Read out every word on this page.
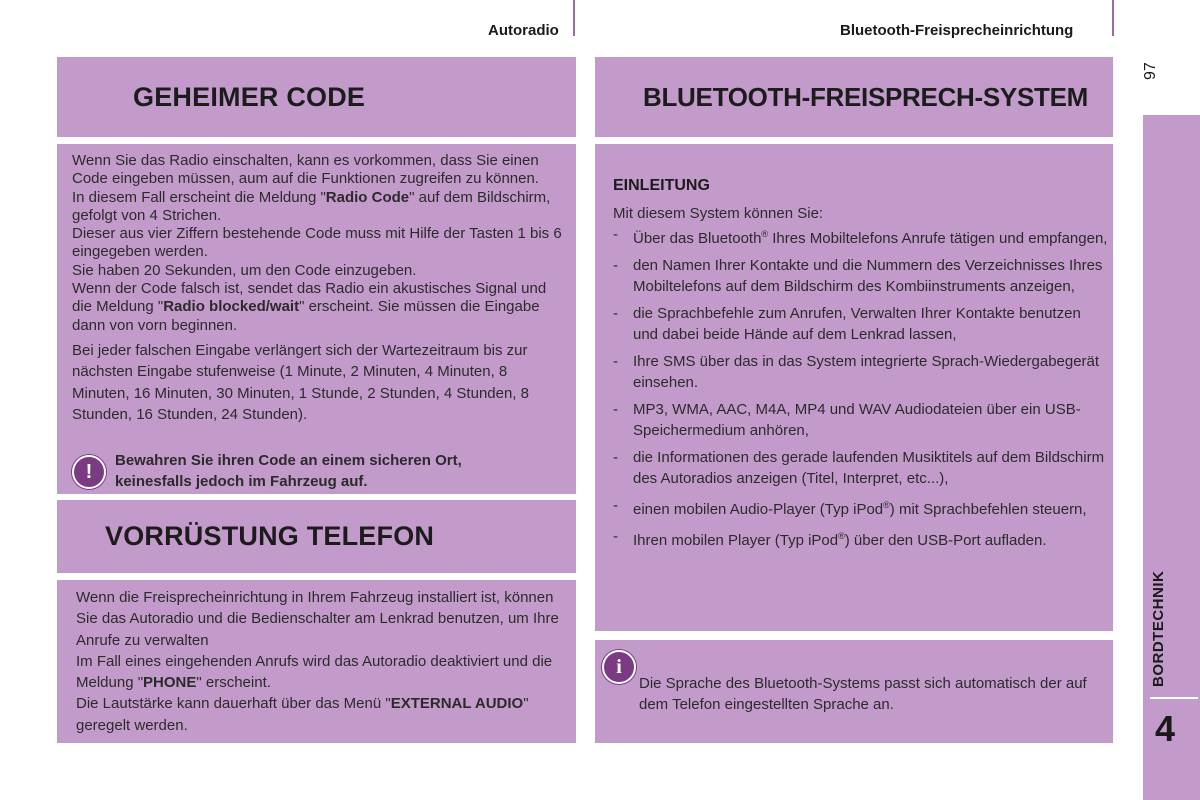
Autoradio	Bluetooth-Freisprecheinrichtung
97
GEHEIMER CODE

Wenn Sie das Radio einschalten, kann es vorkommen, dass Sie einen Code eingeben müssen, aum auf die Funktionen zugreifen zu können.

In diesem Fall erscheint die Meldung "Radio Code" auf dem Bildschirm, gefolgt von 4 Strichen.

Dieser aus vier Ziffern bestehende Code muss mit Hilfe der Tasten 1 bis 6 eingegeben werden.

Sie haben 20 Sekunden, um den Code einzugeben.

Wenn der Code falsch ist, sendet das Radio ein akustisches Signal und die Meldung "Radio blocked/wait" erscheint. Sie müssen die Eingabe dann von vorn beginnen.

Bei jeder falschen Eingabe verlängert sich der Wartezeitraum bis zur nächsten Eingabe stufenweise (1 Minute, 2 Minuten, 4 Minuten, 8 Minuten, 16 Minuten, 30 Minuten, 1 Stunde, 2 Stunden, 4 Stunden, 8 Stunden, 16 Stunden, 24 Stunden).

!	Bewahren Sie ihren Code an einem sicheren Ort, keinesfalls jedoch im Fahrzeug auf.
VORRÜSTUNG TELEFON

Wenn die Freisprecheinrichtung in Ihrem Fahrzeug installiert ist, können Sie das Autoradio und die Bedienschalter am Lenkrad benutzen, um Ihre Anrufe zu verwalten

Im Fall eines eingehenden Anrufs wird das Autoradio deaktiviert und die Meldung "PHONE" erscheint.

Die Lautstärke kann dauerhaft über das Menü "EXTERNAL AUDIO" geregelt werden.

BLUETOOTH-FREISPRECH-SYSTEM
EINLEITUNG
Mit diesem System können Sie:
- Über das Bluetooth® Ihres Mobiltelefons Anrufe tätigen und empfangen,
- den Namen Ihrer Kontakte und die Nummern des Verzeichnisses Ihres Mobiltelefons auf dem Bildschirm des Kombiinstruments anzeigen,
- die Sprachbefehle zum Anrufen, Verwalten Ihrer Kontakte benutzen und dabei beide Hände auf dem Lenkrad lassen,
- Ihre SMS über das in das System integrierte Sprach-Wiedergabegerät einsehen.
- MP3, WMA, AAC, M4A, MP4 und WAV Audiodateien über ein USB-Speichermedium anhören,
- die Informationen des gerade laufenden Musiktitels auf dem Bildschirm des Autoradios anzeigen (Titel, Interpret, etc...),
- einen mobilen Audio-Player (Typ iPod®) mit Sprachbefehlen steuern,
- Ihren mobilen Player (Typ iPod®) über den USB-Port aufladen.
i
Die Sprache des Bluetooth-Systems passt sich automatisch der auf dem Telefon eingestellten Sprache an.
BORDTECHNIK
4
